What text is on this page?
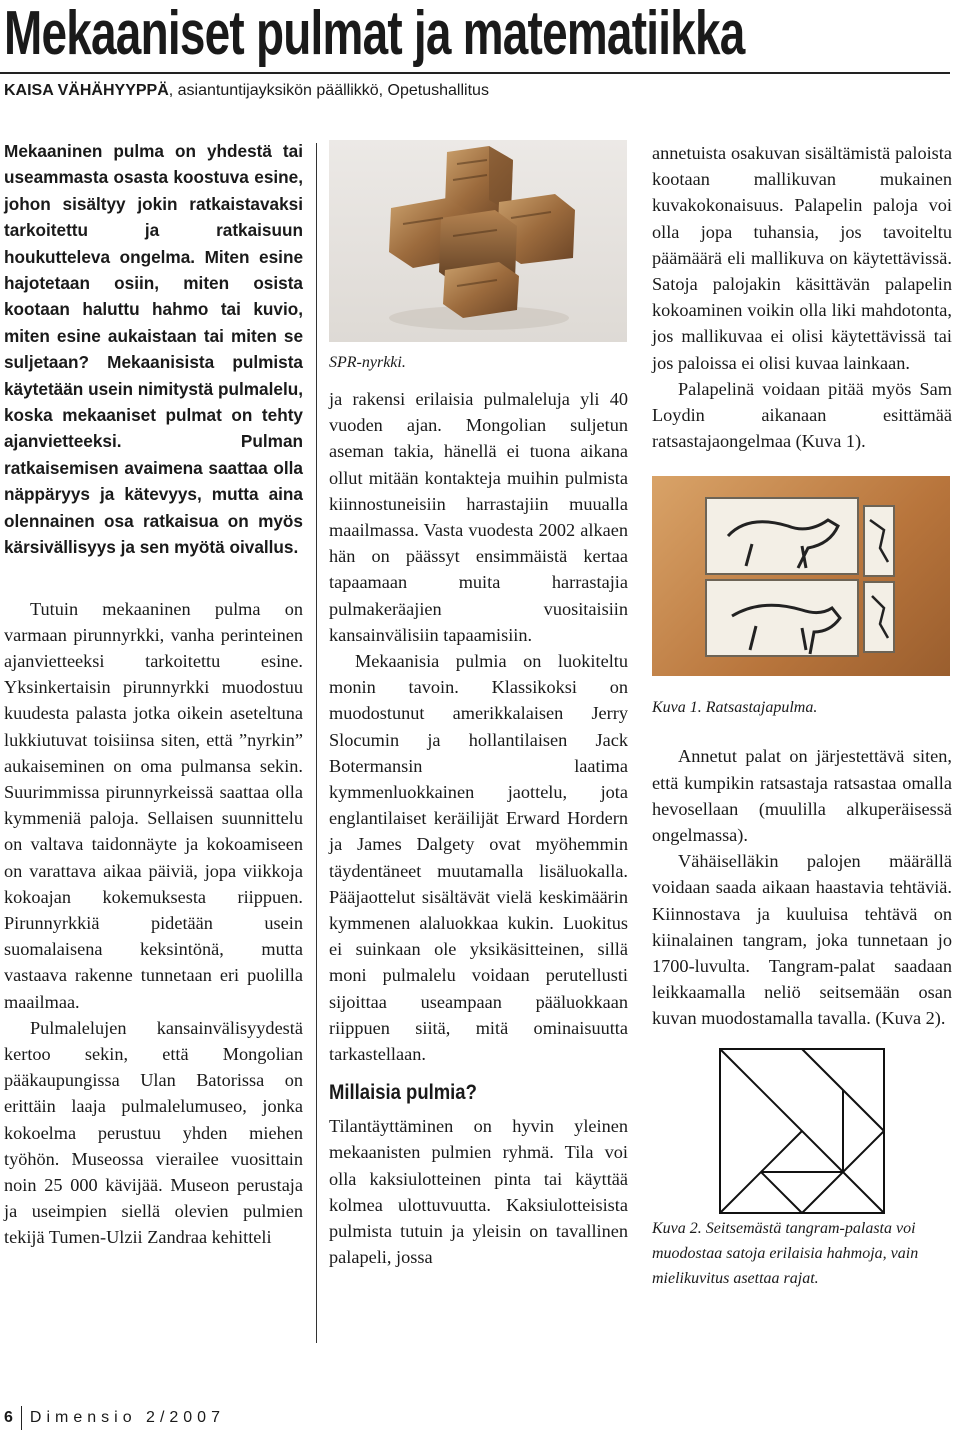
Mekaaniset pulmat ja matematiikka
KAISA VÄHÄHYYPPÄ, asiantuntijayksikön päällikkö, Opetushallitus

Mekaaninen pulma on yhdestä tai useammasta osasta koostuva esine, johon sisältyy jokin ratkaistavaksi tarkoitettu ja ratkaisuun houkutteleva ongelma. Miten esine hajotetaan osiin, miten osista kootaan haluttu hahmo tai kuvio, miten esine aukaistaan tai miten se suljetaan? Mekaanisista pulmista käytetään usein nimitystä pulmalelu, koska mekaaniset pulmat on tehty ajanvietteeksi. Pulman ratkaisemisen avaimena saattaa olla näppäryys ja kätevyys, mutta aina olennainen osa ratkaisua on myös kärsivällisyys ja sen myötä oivallus.

Tutuin mekaaninen pulma on varmaan pirunnyrkki, vanha perinteinen ajanvietteeksi tarkoitettu esine. Yksinkertaisin pirunnyrkki muodostuu kuudesta palasta jotka oikein aseteltuna lukkiutuvat toisiinsa siten, että ”nyrkin” aukaiseminen on oma pulmansa sekin. Suurimmissa pirunnyrkeissä saattaa olla kymmeniä paloja. Sellaisen suunnittelu on valtava taidonnäyte ja kokoamiseen on varattava aikaa päiviä, jopa viikkoja kokoajan kokemuksesta riippuen. Pirunnyrkkiä pidetään usein suomalaisena keksintönä, mutta vastaava rakenne tunnetaan eri puolilla maailmaa.

Pulmalelujen kansainvälisyydestä kertoo sekin, että Mongolian pääkaupungissa Ulan Batorissa on erittäin laaja pulmalelumuseo, jonka kokoelma perustuu yhden miehen työhön. Museossa vierailee vuosittain noin 25 000 kävijää. Museon perustaja ja useimpien siellä olevien pulmien tekijä Tumen-Ulzii Zandraa kehitteli

SPR-nyrkki.

ja rakensi erilaisia pulmaleluja yli 40 vuoden ajan. Mongolian suljetun aseman takia, hänellä ei tuona aikana ollut mitään kontakteja muihin pulmista kiinnostuneisiin harrastajiin muualla maailmassa. Vasta vuodesta 2002 alkaen hän on päässyt ensimmäistä kertaa tapaamaan muita harrastajia pulmakeräajien vuositaisiin kansainvälisiin tapaamisiin.

Mekaanisia pulmia on luokiteltu monin tavoin. Klassikoksi on muodostunut amerikkalaisen Jerry Slocumin ja hollantilaisen Jack Botermansin laatima kymmenluokkainen jaottelu, jota englantilaiset keräilijät Erward Hordern ja James Dalgety ovat myöhemmin täydentäneet muutamalla lisäluokalla. Pääjaottelut sisältävät vielä keskimäärin kymmenen alaluokkaa kukin. Luokitus ei suinkaan ole yksikäsitteinen, sillä moni pulmalelu voidaan perutellusti sijoittaa useampaan pääluokkaan riippuen siitä, mitä ominaisuutta tarkastellaan.

Millaisia pulmia?

Tilantäyttäminen on hyvin yleinen mekaanisten pulmien ryhmä. Tila voi olla kaksiulotteinen pinta tai käyttää kolmea ulottuvuutta. Kaksiulotteisista pulmista tutuin ja yleisin on tavallinen palapeli, jossa

annetuista osakuvan sisältämistä paloista kootaan mallikuvan mukainen kuvakokonaisuus. Palapelin paloja voi olla jopa tuhansia, jos tavoiteltu päämäärä eli mallikuva on käytettävissä. Satoja palojakin käsittävän palapelin kokoaminen voikin olla liki mahdotonta, jos mallikuvaa ei olisi käytettävissä tai jos paloissa ei olisi kuvaa lainkaan.

Palapelinä voidaan pitää myös Sam Loydin aikanaan esittämää ratsastajaongelmaa (Kuva 1).

Kuva 1. Ratsastajapulma.

Annetut palat on järjestettävä siten, että kumpikin ratsastaja ratsastaa omalla hevosellaan (muulilla alkuperäisessä ongelmassa).

Vähäiselläkin palojen määrällä voidaan saada aikaan haastavia tehtäviä. Kiinnostava ja kuuluisa tehtävä on kiinalainen tangram, joka tunnetaan jo 1700-luvulta. Tangram-palat saadaan leikkaamalla neliö seitsemään osan kuvan muodostamalla tavalla. (Kuva 2).

Kuva 2. Seitsemästä tangram-palasta voi muodostaa satoja erilaisia hahmoja, vain mielikuvitus asettaa rajat.

6 Dimensio 2/2007
